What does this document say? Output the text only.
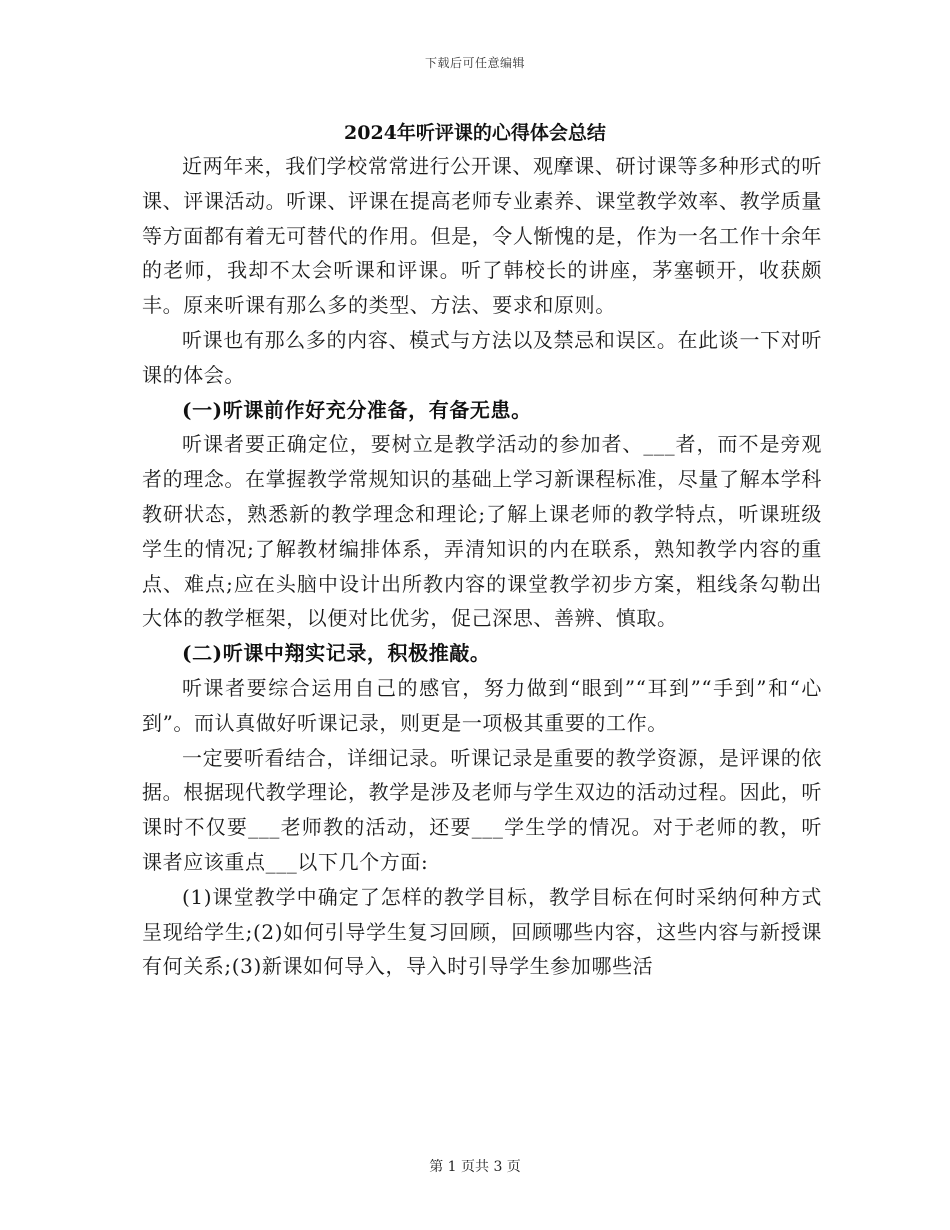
下载后可任意编辑
2024年听评课的心得体会总结

近两年来，我们学校常常进行公开课、观摩课、研讨课等多种形式的听课、评课活动。听课、评课在提高老师专业素养、课堂教学效率、教学质量等方面都有着无可替代的作用。但是，令人惭愧的是，作为一名工作十余年的老师，我却不太会听课和评课。听了韩校长的讲座，茅塞顿开，收获颇丰。原来听课有那么多的类型、方法、要求和原则。

听课也有那么多的内容、模式与方法以及禁忌和误区。在此谈一下对听课的体会。

(一)听课前作好充分准备，有备无患。

听课者要正确定位，要树立是教学活动的参加者、___者，而不是旁观者的理念。在掌握教学常规知识的基础上学习新课程标准，尽量了解本学科教研状态，熟悉新的教学理念和理论;了解上课老师的教学特点，听课班级学生的情况;了解教材编排体系，弄清知识的内在联系，熟知教学内容的重点、难点;应在头脑中设计出所教内容的课堂教学初步方案，粗线条勾勒出大体的教学框架，以便对比优劣，促己深思、善辨、慎取。

(二)听课中翔实记录，积极推敲。

听课者要综合运用自己的感官，努力做到“眼到”“耳到”“手到”和“心到”。而认真做好听课记录，则更是一项极其重要的工作。

一定要听看结合，详细记录。听课记录是重要的教学资源，是评课的依据。根据现代教学理论，教学是涉及老师与学生双边的活动过程。因此，听课时不仅要___老师教的活动，还要___学生学的情况。对于老师的教，听课者应该重点___以下几个方面:

(1)课堂教学中确定了怎样的教学目标，教学目标在何时采纳何种方式呈现给学生;(2)如何引导学生复习回顾，回顾哪些内容，这些内容与新授课有何关系;(3)新课如何导入，导入时引导学生参加哪些活

第 1 页共 3 页
